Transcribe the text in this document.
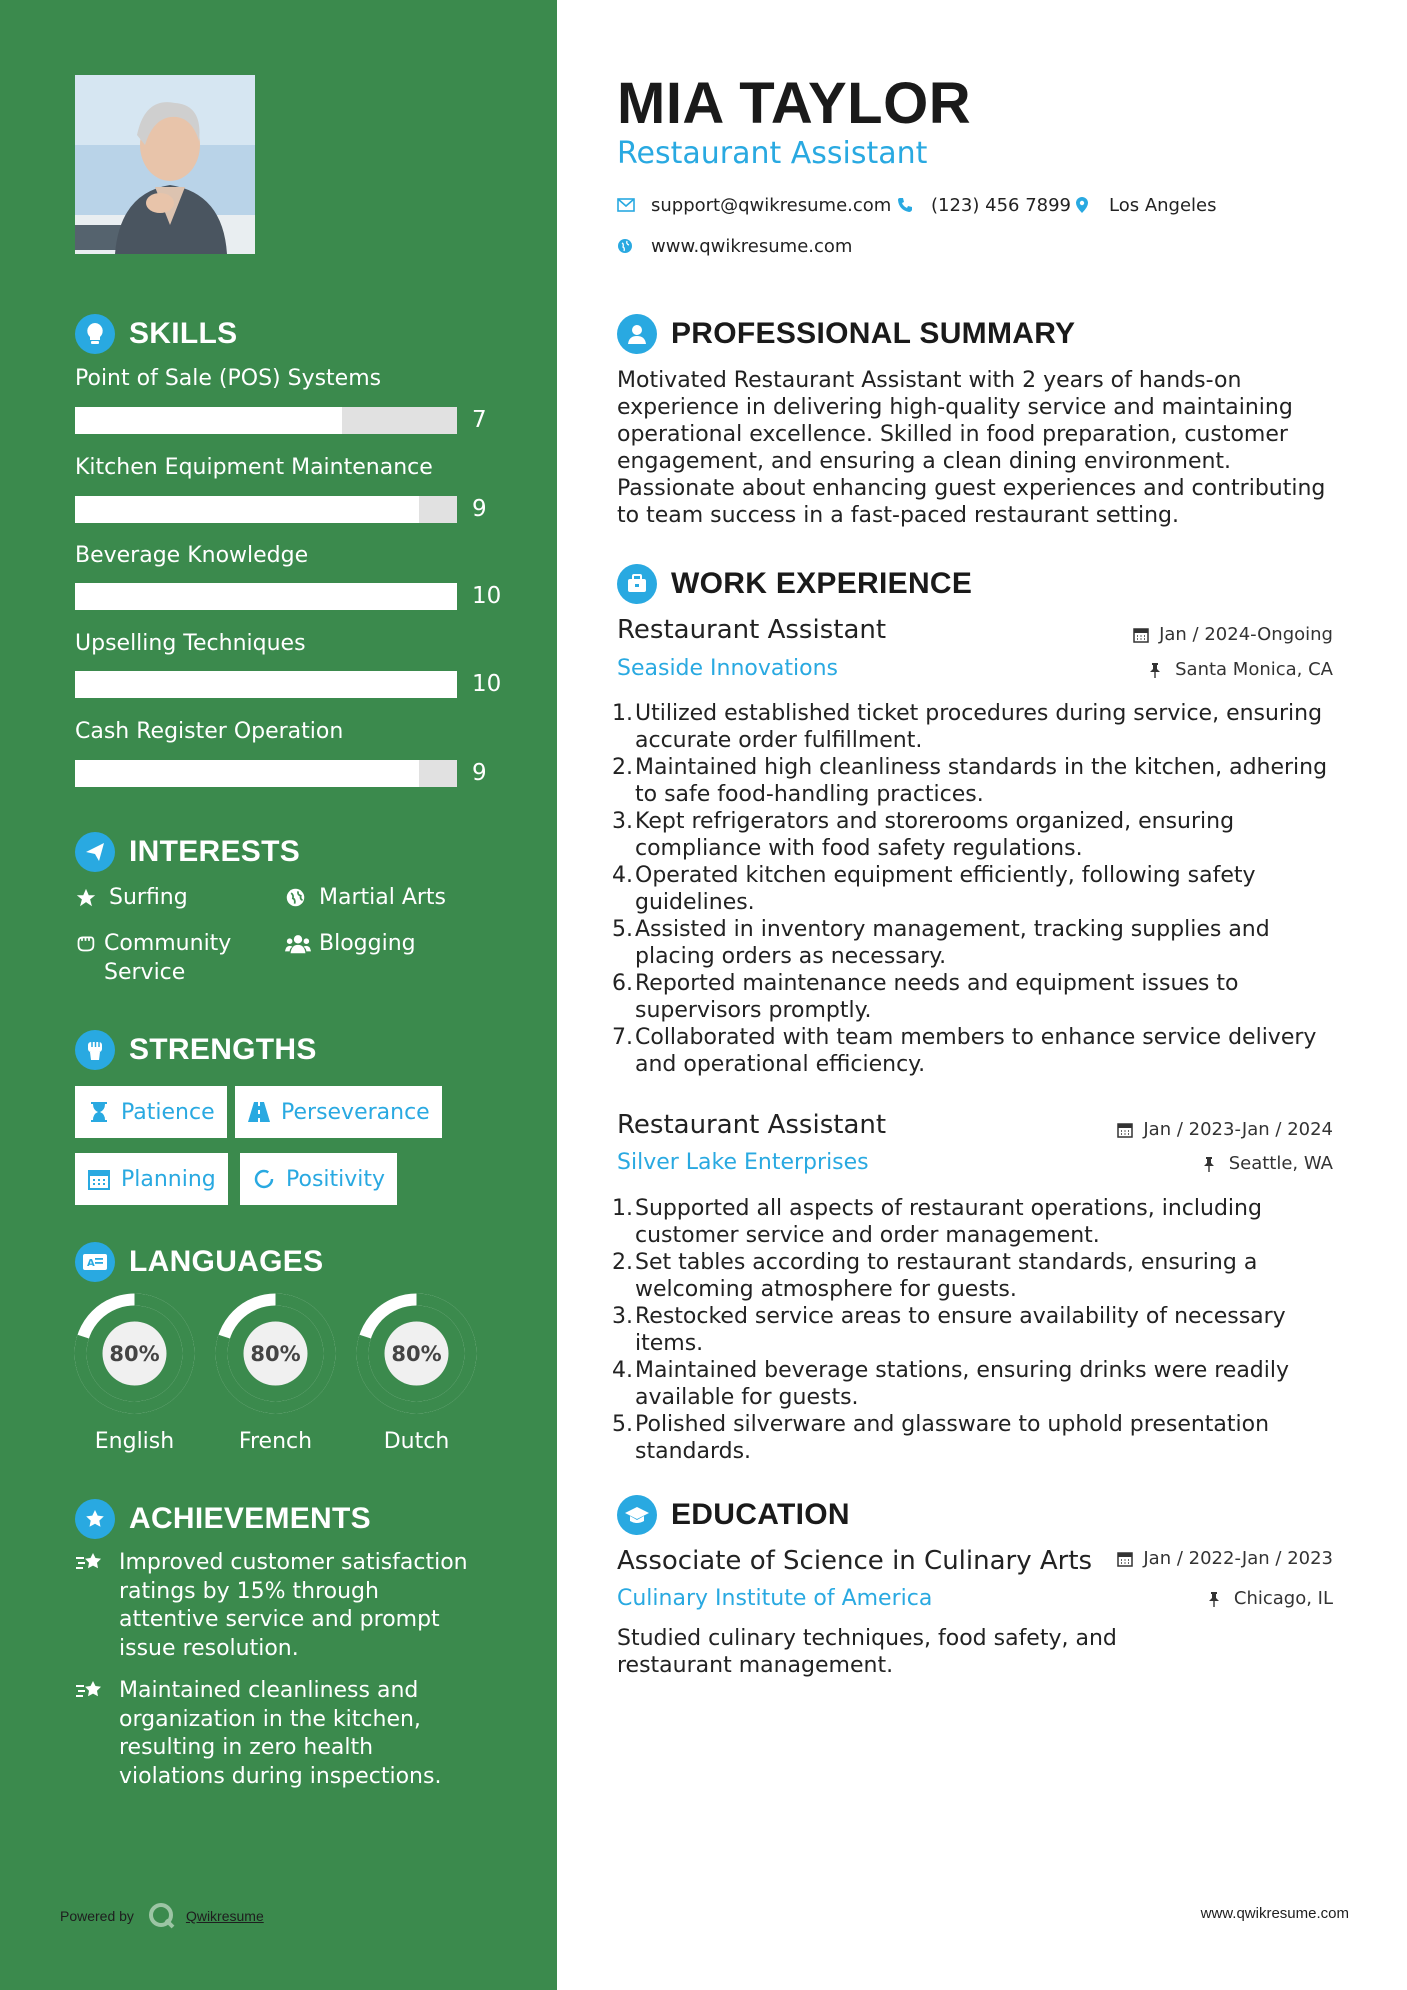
SKILLS
Point of Sale (POS) Systems
7
Kitchen Equipment Maintenance
9
Beverage Knowledge
10
Upselling Techniques
10
Cash Register Operation
9
INTERESTS
Surfing	Martial Arts
Community Service
Blogging
STRENGTHS
Patience	Perseverance
Planning	Positivity
A LANGUAGES
80%
English
80%
French
80%
Dutch
ACHIEVEMENTS
Improved customer satisfaction ratings by 15% through attentive service and prompt issue resolution.
Maintained cleanliness and organization in the kitchen, resulting in zero health violations during inspections.
Powered by	Qwikresume
MIA TAYLOR
Restaurant Assistant
support@qwikresume.com (123) 456 7899 Los Angeles
www.qwikresume.com
PROFESSIONAL SUMMARY
Motivated Restaurant Assistant with 2 years of hands-on experience in delivering high-quality service and maintaining operational excellence. Skilled in food preparation, customer engagement, and ensuring a clean dining environment. Passionate about enhancing guest experiences and contributing to team success in a fast-paced restaurant setting.
WORK EXPERIENCE
Restaurant Assistant	Jan / 2024-Ongoing
Seaside Innovations	Santa Monica, CA
1. Utilized established ticket procedures during service, ensuring accurate order fulfillment.
2. Maintained high cleanliness standards in the kitchen, adhering to safe food-handling practices.
3. Kept refrigerators and storerooms organized, ensuring compliance with food safety regulations.
4. Operated kitchen equipment efficiently, following safety guidelines.
5. Assisted in inventory management, tracking supplies and placing orders as necessary.
6. Reported maintenance needs and equipment issues to supervisors promptly.
7. Collaborated with team members to enhance service delivery and operational efficiency.
Restaurant Assistant	Jan / 2023-Jan / 2024
Silver Lake Enterprises	Seattle, WA
1. Supported all aspects of restaurant operations, including customer service and order management.
2. Set tables according to restaurant standards, ensuring a welcoming atmosphere for guests.
3. Restocked service areas to ensure availability of necessary items.
4. Maintained beverage stations, ensuring drinks were readily available for guests.
5. Polished silverware and glassware to uphold presentation standards.
EDUCATION
Associate of Science in Culinary Arts	Jan / 2022-Jan / 2023
Culinary Institute of America	Chicago, IL
Studied culinary techniques, food safety, and restaurant management.
www.qwikresume.com
